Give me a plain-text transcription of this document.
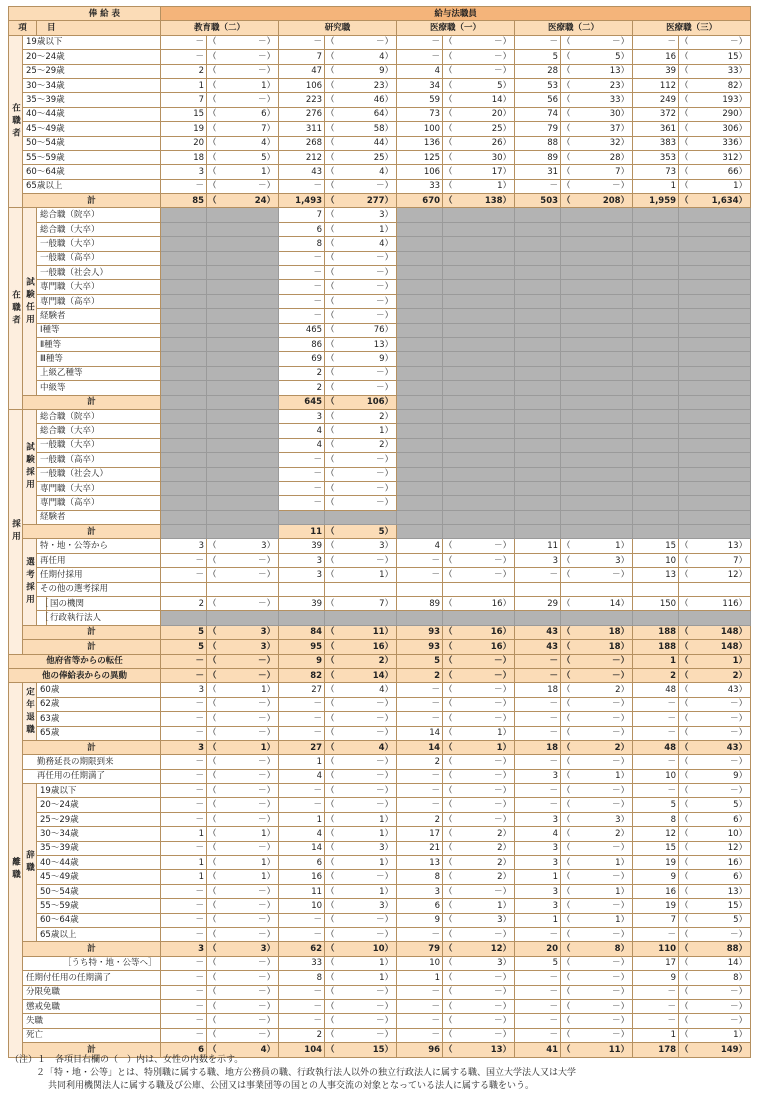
俸 給 表				給与法職員									
項		目		教育職（二）		研究職		医療職（一）		医療職（二）		医療職（三）	
在職者	19歳以下			－	（ －）	－	（ －）	－	（ －）	－	（ －）	－	（ －）
	20～24歳			－	（ －）	7	（ 4）	－	（ －）	5	（ 5）	16	（ 15）
	25～29歳			2	（ －）	47	（ 9）	4	（ －）	28	（ 13）	39	（ 33）
	30～34歳			1	（ 1）	106	（ 23）	34	（ 5）	53	（ 23）	112	（ 82）
	35～39歳			7	（ －）	223	（ 46）	59	（ 14）	56	（ 33）	249	（ 193）
	40～44歳			15	（ 6）	276	（ 64）	73	（ 20）	74	（ 30）	372	（ 290）
	45～49歳			19	（ 7）	311	（ 58）	100	（ 25）	79	（ 37）	361	（ 306）
	50～54歳			20	（ 4）	268	（ 44）	136	（ 26）	88	（ 32）	383	（ 336）
	55～59歳			18	（ 5）	212	（ 25）	125	（ 30）	89	（ 28）	353	（ 312）
	60～64歳			3	（ 1）	43	（ 4）	106	（ 17）	31	（ 7）	73	（ 66）
	65歳以上			－	（ －）	－	（ －）	33	（ 1）	－	（ －）	1	（ 1）
	計			85	（ 24）	1,493	（ 277）	670	（ 138）	503	（ 208）	1,959	（ 1,634）
在職者	試験任用	総合職（院卒）				7	（ 3）						
		総合職（大卒）				6	（ 1）						
		一般職（大卒）				8	（ 4）						
		一般職（高卒）				－	（ －）						
		一般職（社会人）				－	（ －）						
		専門職（大卒）				－	（ －）						
		専門職（高卒）				－	（ －）						
		経験者				－	（ －）						
		Ⅰ種等				465	（ 76）						
		Ⅱ種等				86	（ 13）						
		Ⅲ種等				69	（ 9）						
		上級乙種等				2	（ －）						
		中級等				2	（ －）						
	計					645	（ 106）						
採用	試験採用	総合職（院卒）				3	（ 2）						
		総合職（大卒）				4	（ 1）						
		一般職（大卒）				4	（ 2）						
		一般職（高卒）				－	（ －）						
		一般職（社会人）				－	（ －）						
		専門職（大卒）				－	（ －）						
		専門職（高卒）				－	（ －）						
		経験者											
	計					11	（ 5）						
	選考採用	特・地・公等から		3	（ 3）	39	（ 3）	4	（ －）	11	（ 1）	15	（ 13）
		再任用		－	（ －）	3	（ －）	－	（ －）	3	（ 3）	10	（ 7）
		任期付採用		－	（ －）	3	（ 1）	－	（ －）	－	（ －）	13	（ 12）
		その他の選考採用											
		［	国の機関	2	（ －）	39	（ 7）	89	（ 16）	29	（ 14）	150	（ 116）
		［	行政執行法人										
	計			5	（ 3）	84	（ 11）	93	（ 16）	43	（ 18）	188	（ 148）
	計			5	（ 3）	95	（ 16）	93	（ 16）	43	（ 18）	188	（ 148）
他府省等からの転任				－	（ －）	9	（ 2）	5	（ －）	－	（ －）	1	（ 1）
他の俸給表からの異動				－	（ －）	82	（ 14）	2	（ －）	－	（ －）	2	（ 2）
離職	定年退職	60歳		3	（ 1）	27	（ 4）	－	（ －）	18	（ 2）	48	（ 43）
		62歳		－	（ －）	－	（ －）	－	（ －）	－	（ －）	－	（ －）
		63歳		－	（ －）	－	（ －）	－	（ －）	－	（ －）	－	（ －）
		65歳		－	（ －）	－	（ －）	14	（ 1）	－	（ －）	－	（ －）
	計			3	（ 1）	27	（ 4）	14	（ 1）	18	（ 2）	48	（ 43）
	勤務延長の期限到来			－	（ －）	1	（ －）	2	（ －）	－	（ －）	－	（ －）
	再任用の任期満了			－	（ －）	4	（ －）	－	（ －）	3	（ 1）	10	（ 9）
	辞職	19歳以下		－	（ －）	－	（ －）	－	（ －）	－	（ －）	－	（ －）
		20～24歳		－	（ －）	－	（ －）	－	（ －）	－	（ －）	5	（ 5）
		25～29歳		－	（ －）	1	（ 1）	2	（ －）	3	（ 3）	8	（ 6）
		30～34歳		1	（ 1）	4	（ 1）	17	（ 2）	4	（ 2）	12	（ 10）
		35～39歳		－	（ －）	14	（ 3）	21	（ 2）	3	（ －）	15	（ 12）
		40～44歳		1	（ 1）	6	（ 1）	13	（ 2）	3	（ 1）	19	（ 16）
		45～49歳		1	（ 1）	16	（ －）	8	（ 2）	1	（ －）	9	（ 6）
		50～54歳		－	（ －）	11	（ 1）	3	（ －）	3	（ 1）	16	（ 13）
		55～59歳		－	（ －）	10	（ 3）	6	（ 1）	3	（ －）	19	（ 15）
		60～64歳		－	（ －）	－	（ －）	9	（ 3）	1	（ 1）	7	（ 5）
		65歳以上		－	（ －）	－	（ －）	－	（ －）	－	（ －）	－	（ －）
	計			3	（ 3）	62	（ 10）	79	（ 12）	20	（ 8）	110	（ 88）
	［うち特・地・公等へ］			－	（ －）	33	（ 1）	10	（ 3）	5	（ －）	17	（ 14）
	任期付任用の任期満了			－	（ －）	8	（ 1）	1	（ －）	－	（ －）	9	（ 8）
	分限免職			－	（ －）	－	（ －）	－	（ －）	－	（ －）	－	（ －）
	懲戒免職			－	（ －）	－	（ －）	－	（ －）	－	（ －）	－	（ －）
	失職			－	（ －）	－	（ －）	－	（ －）	－	（ －）	－	（ －）
	死亡			－	（ －）	2	（ －）	－	（ －）	－	（ －）	1	（ 1）
	計			6	（ 4）	104	（ 15）	96	（ 13）	41	（ 11）	178	（ 149）
（注）１　各項目右欄の（　）内は、女性の内数を示す。
２「特・地・公等」とは、特別職に属する職、地方公務員の職、行政執行法人以外の独立行政法人に属する職、国立大学法人又は大学
共同利用機関法人に属する職及び公庫、公団又は事業団等の国との人事交流の対象となっている法人に属する職をいう。
